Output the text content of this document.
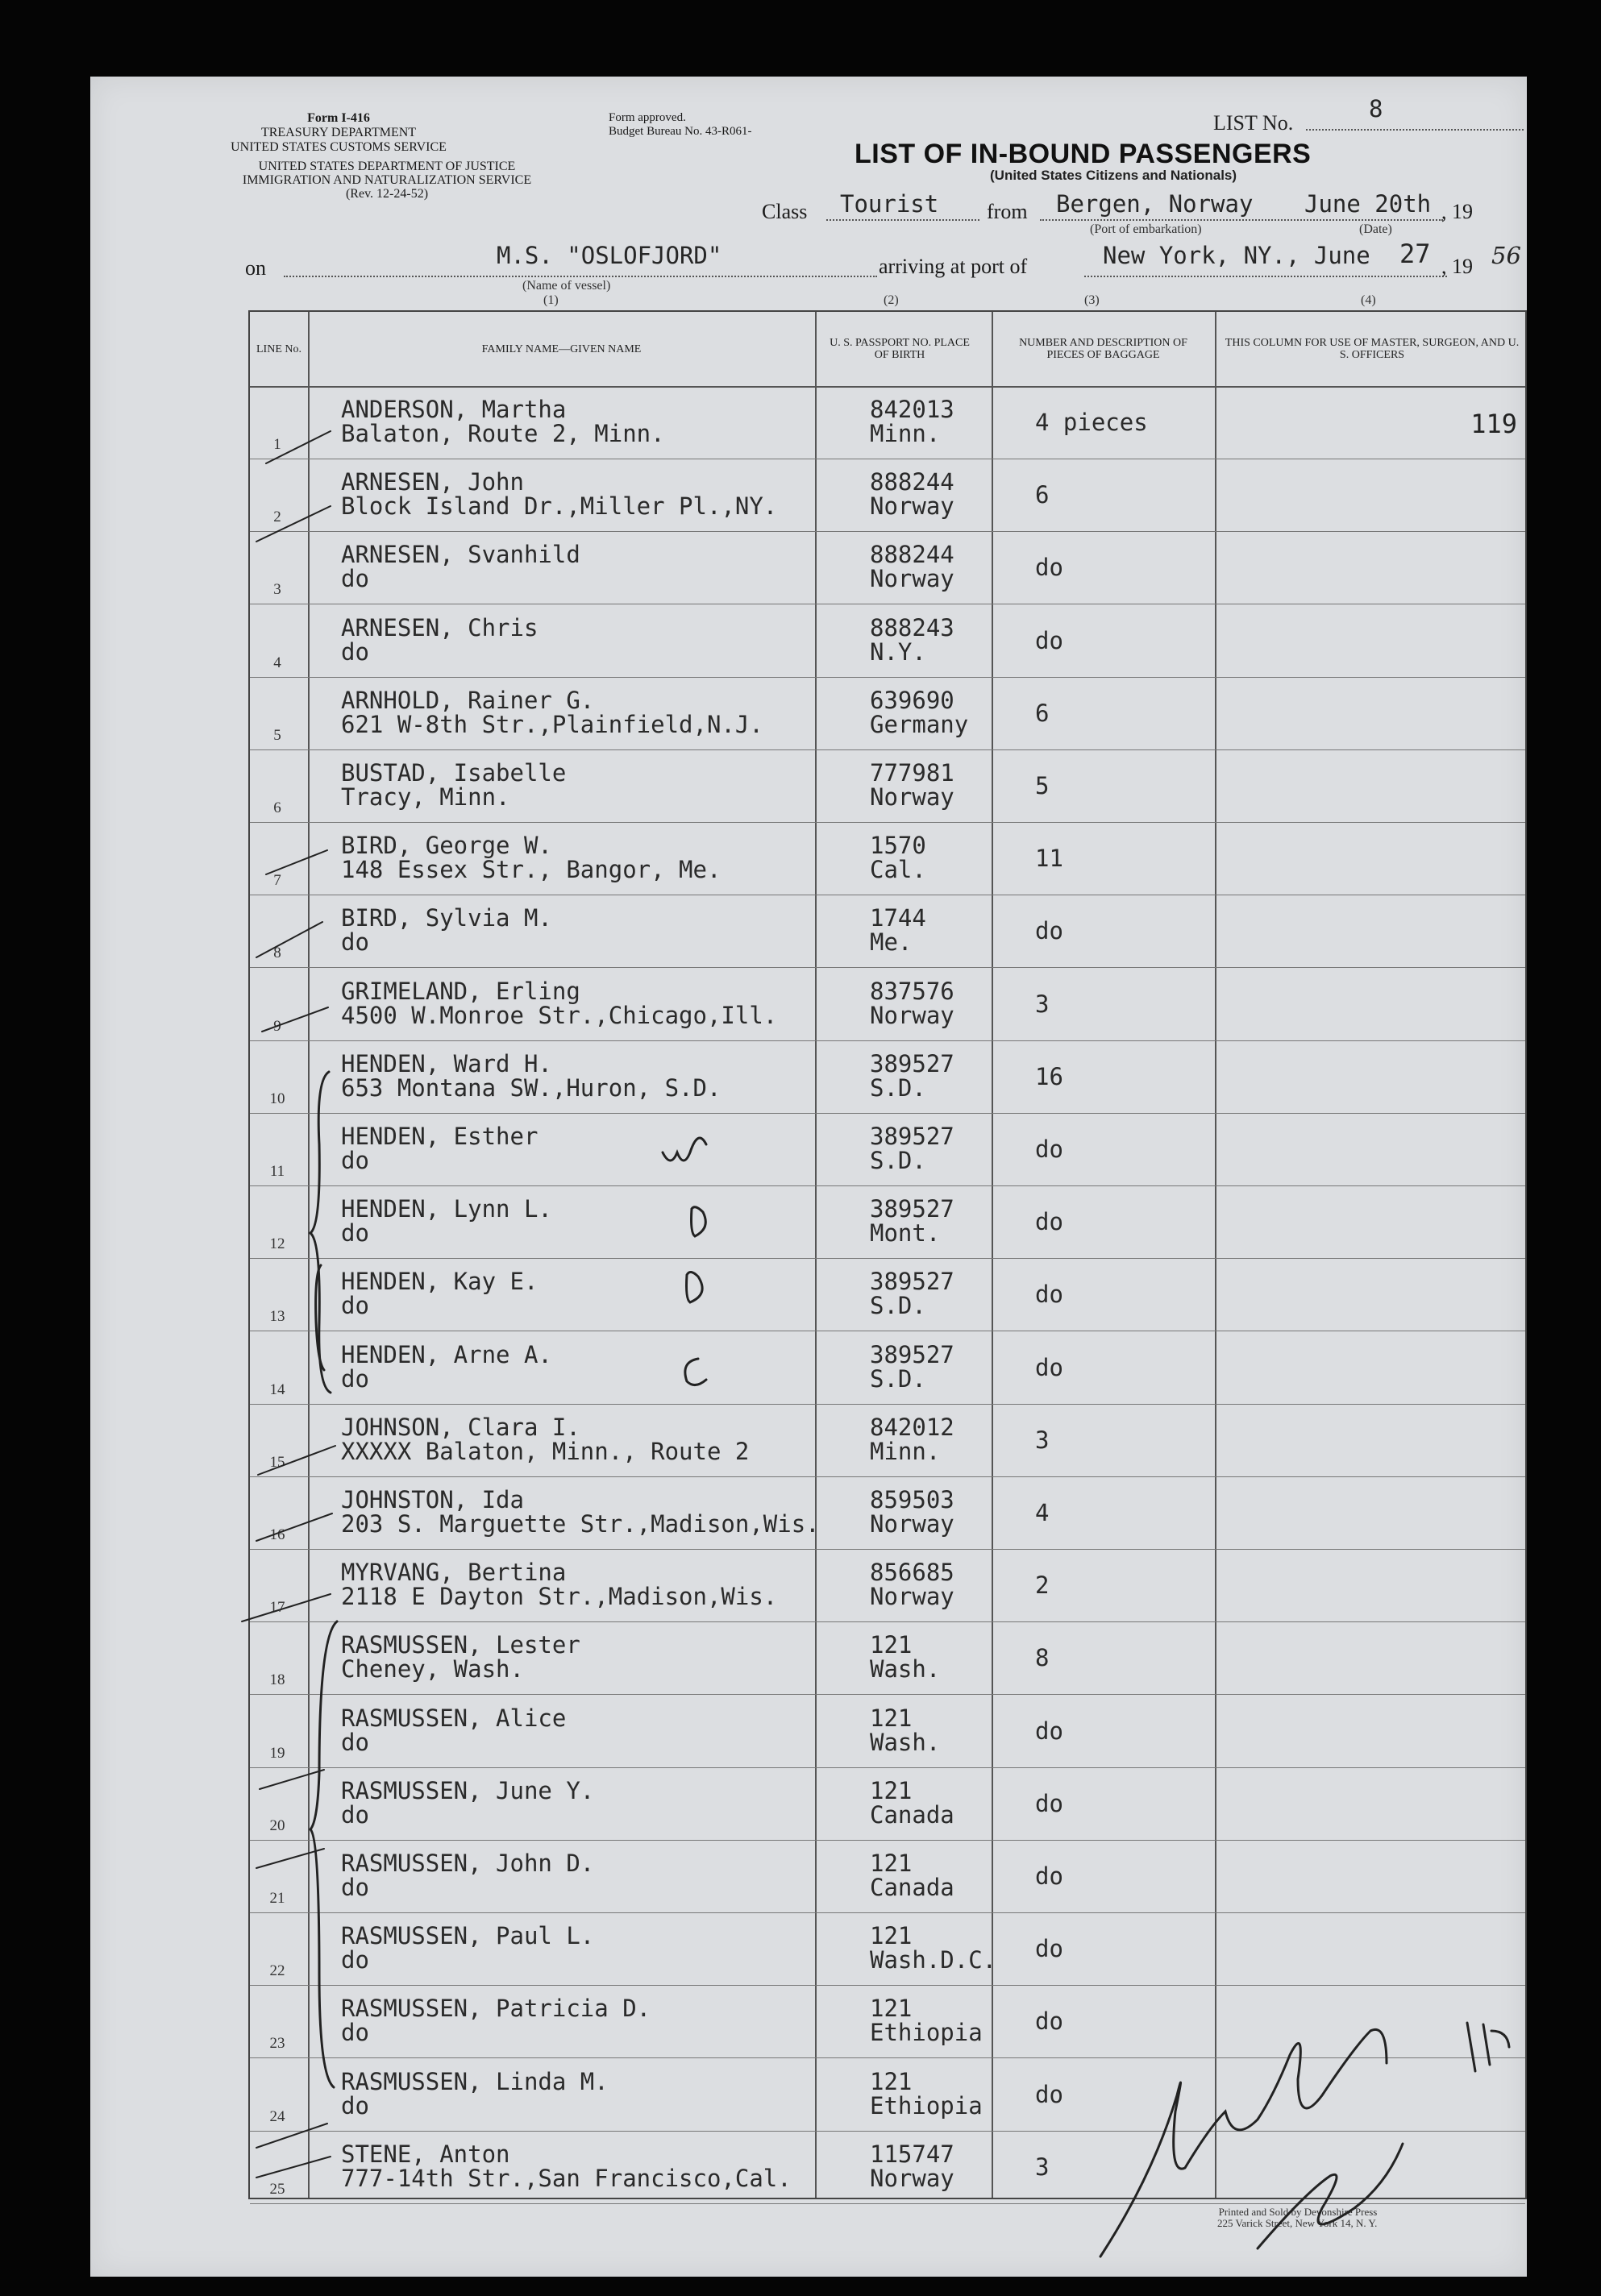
Form I-416
TREASURY DEPARTMENT
UNITED STATES CUSTOMS SERVICE
UNITED STATES DEPARTMENT OF JUSTICE
IMMIGRATION AND NATURALIZATION SERVICE
(Rev. 12-24-52)
Form approved.
Budget Bureau No. 43-R061-	LIST No.
8
LIST OF IN-BOUND PASSENGERS
(United States Citizens and Nationals)
Class Tourist from Bergen, Norway June 20th , 19
(Port of embarkation)	(Date)
on	M.S. "OSLOFJORD"
(Name of vessel)
(1)
arriving at port of	New York, NY., June 27 , 19 56
(2)	(3)	(4)
LINE No.	FAMILY NAME—GIVEN NAME	U. S. PASSPORT NO. PLACE OF BIRTH
NUMBER AND DESCRIPTION OF PIECES OF BAGGAGE
THIS COLUMN FOR USE OF MASTER, SURGEON, AND U. S. OFFICERS
1
ANDERSON, Martha
Balaton, Route 2, Minn.
842013
Minn.	4 pieces	119
2
ARNESEN, John
Block Island Dr.,Miller Pl.,NY.
888244
Norway	6
3
ARNESEN, Svanhild
do
888244
Norway	do
4
ARNESEN, Chris
do
888243
N.Y.	do
5
ARNHOLD, Rainer G.
621 W-8th Str.,Plainfield,N.J.
639690
Germany	6
6
BUSTAD, Isabelle
Tracy, Minn.
777981
Norway	5
7
BIRD, George W.
148 Essex Str., Bangor, Me.
1570
Cal.	11
8
BIRD, Sylvia M.
do
1744
Me.	do
9
GRIMELAND, Erling
4500 W.Monroe Str.,Chicago,Ill.
837576
Norway	3
10
HENDEN, Ward H.
653 Montana SW.,Huron, S.D.
389527
S.D.	16
11
HENDEN, Esther
do
389527
S.D.	do
12
HENDEN, Lynn L.
do
389527
Mont.	do
13
HENDEN, Kay E.
do
389527
S.D.	do
14
HENDEN, Arne A.
do
389527
S.D.	do
15
JOHNSON, Clara I.
XXXXX Balaton, Minn., Route 2
842012
Minn.	3
16
JOHNSTON, Ida
203 S. Marguette Str.,Madison,Wis.
859503
Norway	4
17
MYRVANG, Bertina
2118 E Dayton Str.,Madison,Wis.
856685
Norway	2
18
RASMUSSEN, Lester
Cheney, Wash.
121
Wash.	8
19
RASMUSSEN, Alice
do
121
Wash.	do
20
RASMUSSEN, June Y.
do
121
Canada	do
21
RASMUSSEN, John D.
do
121
Canada	do
22
RASMUSSEN, Paul L.
do
121
Wash.D.C. do
23
RASMUSSEN, Patricia D.
do
121
Ethiopia do
24
RASMUSSEN, Linda M.
do
121
Ethiopia do
25
STENE, Anton
777-14th Str.,San Francisco,Cal.
115747
Norway	3
Printed and Sold by Devonshire Press
225 Varick Street, New York 14, N. Y.
